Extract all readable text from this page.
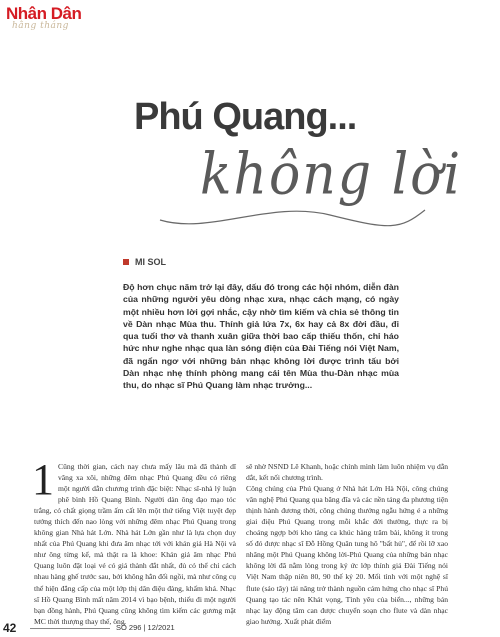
Nhân Dân
hằng tháng
Phú Quang...
không lời
MI SOL
Độ hơn chục năm trở lại đây, dấu đó trong các hội nhóm, diễn đàn của những người yêu dòng nhạc xưa, nhạc cách mạng, có ngày một nhiều hơn lời gợi nhắc, cậy nhờ tìm kiếm và chia sẻ thông tin về Dàn nhạc Mùa thu. Thính giả lứa 7x, 6x hay cả 8x đời đầu, đi qua tuổi thơ và thanh xuân giữa thời bao cấp thiếu thốn, chỉ háo hức như nghe nhạc qua làn sóng điện của Đài Tiếng nói Việt Nam, đã ngẩn ngơ với những bản nhạc không lời được trình tấu bởi Dàn nhạc nhẹ thính phòng mang cái tên Mùa thu-Dàn nhạc mùa thu, do nhạc sĩ Phú Quang làm nhạc trưởng...
1 Cũng thời gian, cách nay chưa mấy lâu mà đã thành dĩ vãng xa xôi, những đêm nhạc Phú Quang đều có riêng một người dẫn chương trình đặc biệt: Nhạc sĩ-nhà lý luận phê bình Hồ Quang Bình. Người dàn ông đạo mạo tóc trắng, có chất giọng trầm ấm cất lên một thứ tiếng Việt tuyệt đẹp tướng thích đến nao lòng với những đêm nhạc Phú Quang trong không gian Nhà hát Lớn. Nhà hát Lớn gần như là lựa chọn duy nhất của Phú Quang khi đưa âm nhạc tới với khán giả Hà Nội và như ông từng kể, mà thật ra là khoe: Khán giả âm nhạc Phú Quang luôn đặt loại vé có giá thành đắt nhất, đủ có thể chỉ cách nhau hàng ghế trước sau, bởi không hẳn đối ngồi, mà như công cụ thể hiện đẳng cấp của một lớp thị dân điệu đàng, khấm khá. Nhạc sĩ Hồ Quang Bình mất năm 2014 vì bạo bệnh, thiếu đi một người bạn đồng hành, Phú Quang cũng không tìm kiếm các gương mặt MC thời thượng thay thế, ông
sẽ nhờ NSND Lê Khanh, hoặc chính mình làm luôn nhiệm vụ dẫn dắt, kết nối chương trình.
Công chúng của Phú Quang ở Nhà hát Lớn Hà Nội, công chúng văn nghệ Phú Quang qua băng đĩa và các nền tảng đa phương tiện thịnh hành đương thời, công chúng thưởng ngẫu hứng é a những giai điệu Phú Quang trong mỗi khắc đời thường, thực ra bị choáng ngợp bởi kho tàng ca khúc hàng trăm bài, không ít trong số đó được nhạc sĩ Đỗ Hồng Quân tung hô "bất hủ", để rồi lỡ xao nhãng một Phú Quang không lời-Phú Quang của những bản nhạc không lời đã nằm lòng trong ký ức lớp thính giả Đài Tiếng nói Việt Nam thập niên 80, 90 thế kỷ 20. Mối tình với một nghệ sĩ flute (sáo tây) tài năng trở thành nguồn cảm hứng cho nhạc sĩ Phú Quang tạo tác nên Khát vọng, Tình yêu của biển..., những bản nhạc lay động tâm can được chuyển soạn cho flute và dàn nhạc giao hưởng. Xuất phát điểm
42	SỐ 296 | 12/2021
